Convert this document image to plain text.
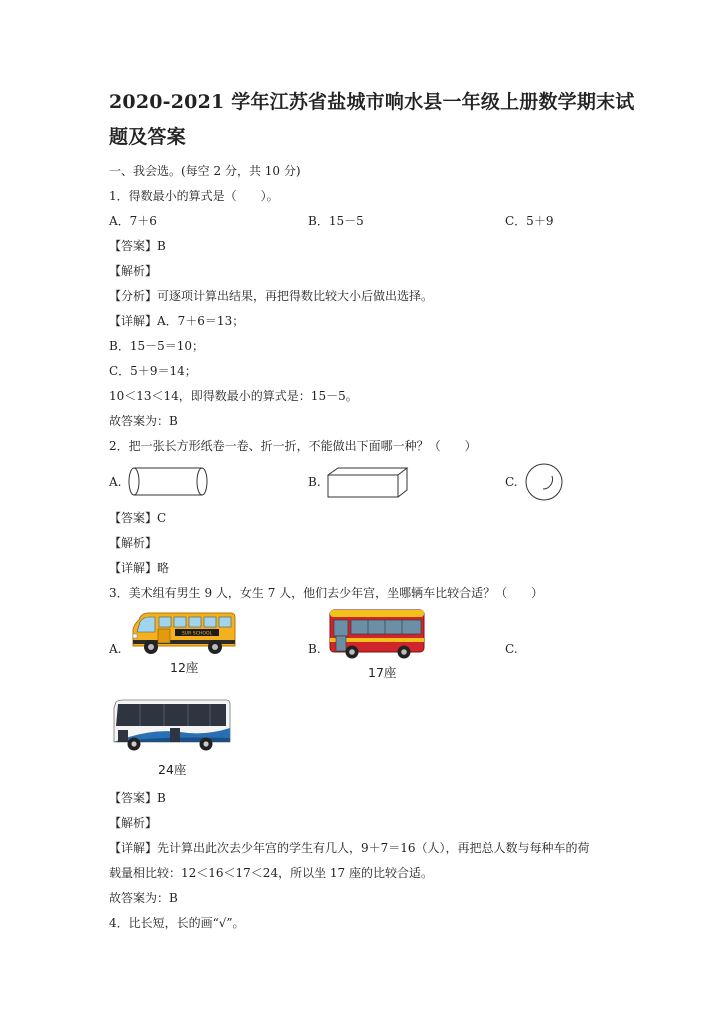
2020-2021 学年江苏省盐城市响水县一年级上册数学期末试
题及答案
一、我会选。(每空 2 分，共 10 分)
1．得数最小的算式是（　　）。
A．7＋6	B．15－5	C．5＋9
【答案】B
【解析】
【分析】可逐项计算出结果，再把得数比较大小后做出选择。
【详解】A．7＋6＝13；
B．15－5＝10；
C．5＋9＝14；
10＜13＜14，即得数最小的算式是：15－5。
故答案为：B
2．把一张长方形纸卷一卷、折一折，不能做出下面哪一种？（　　）
A.	B.	C.
【答案】C
【解析】
【详解】略
3．美术组有男生 9 人，女生 7 人，他们去少年宫，坐哪辆车比较合适？（　　）
A.	B.	C.
SUR SCHOOL
12座	17座
24座
【答案】B
【解析】
【详解】先计算出此次去少年宫的学生有几人，9＋7＝16（人），再把总人数与每种车的荷
载量相比较：12＜16＜17＜24，所以坐 17 座的比较合适。
故答案为：B
4．比长短，长的画“√”。
